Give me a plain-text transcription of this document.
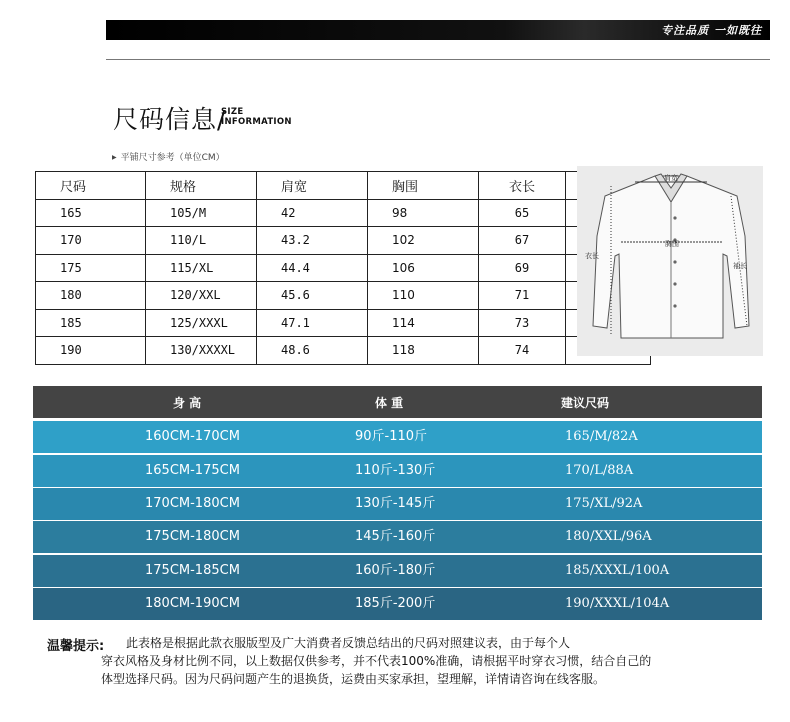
专注品质 一如既往
尺码信息/
SIZE
INFORMATION
▶ 平铺尺寸参考（单位CM）
尺码	规格	肩宽	胸围	衣长	
165	105/M	42	98	65	
170	110/L	43.2	102	67	
175	115/XL	44.4	106	69	
180	120/XXL	45.6	110	71	
185	125/XXXL	47.1	114	73	
190	130/XXXXL	48.6	118	74	
肩宽
胸围
衣长
袖长
身 高	体 重	建议尺码
160CM-170CM	90斤-110斤	165/M/82A
165CM-175CM	110斤-130斤	170/L/88A
170CM-180CM	130斤-145斤	175/XL/92A
175CM-180CM	145斤-160斤	180/XXL/96A
175CM-185CM	160斤-180斤	185/XXXL/100A
180CM-190CM	185斤-200斤	190/XXXL/104A
温馨提示: 此表格是根据此款衣服版型及广大消费者反馈总结出的尺码对照建议表，由于每个人
穿衣风格及身材比例不同，以上数据仅供参考，并不代表100%准确，请根据平时穿衣习惯，结合自己的
体型选择尺码。因为尺码问题产生的退换货，运费由买家承担，望理解，详情请咨询在线客服。
